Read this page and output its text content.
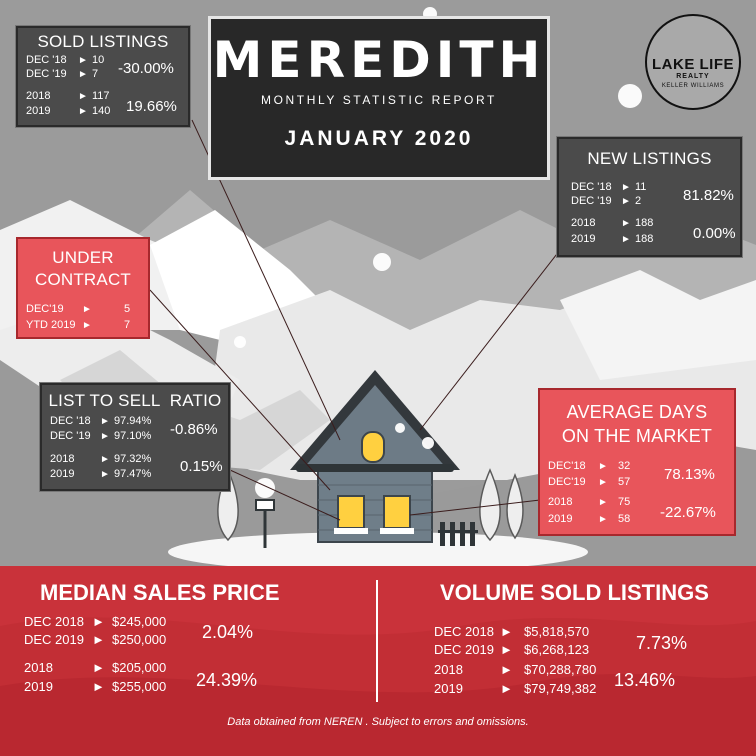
MEREDITH
MONTHLY STATISTIC REPORT
JANUARY 2020
LAKE LIFE
REALTY
KELLER WILLIAMS
SOLD LISTINGS
DEC '18 ► 10
DEC '19 ► 7 -30.00%
2018	► 117
2019	► 140 19.66%
NEW LISTINGS
DEC '18 ► 11
DEC '19 ► 2	81.82%
2018	► 188
2019	► 188	0.00%
UNDER
CONTRACT
DEC'19 ►	5
YTD 2019 ►	7
LIST TO SELL  RATIO
DEC '18 ► 97.94%
DEC '19 ► 97.10% -0.86%
2018	► 97.32%
2019	► 97.47% 0.15%
AVERAGE DAYS
ON THE MARKET
DEC'18 ► 32
DEC'19 ► 57 78.13%
2018	► 75
2019	► 58 -22.67%
MEDIAN SALES PRICE
DEC 2018 ► $245,000
DEC 2019 ► $250,000 2.04%
2018	► $205,000
2019	► $255,000 24.39%
VOLUME SOLD LISTINGS
DEC 2018 ► $5,818,570
DEC 2019 ► $6,268,123	7.73%
2018	► $70,288,780
2019	► $79,749,382 13.46%
Data obtained from NEREN . Subject to errors and omissions.
